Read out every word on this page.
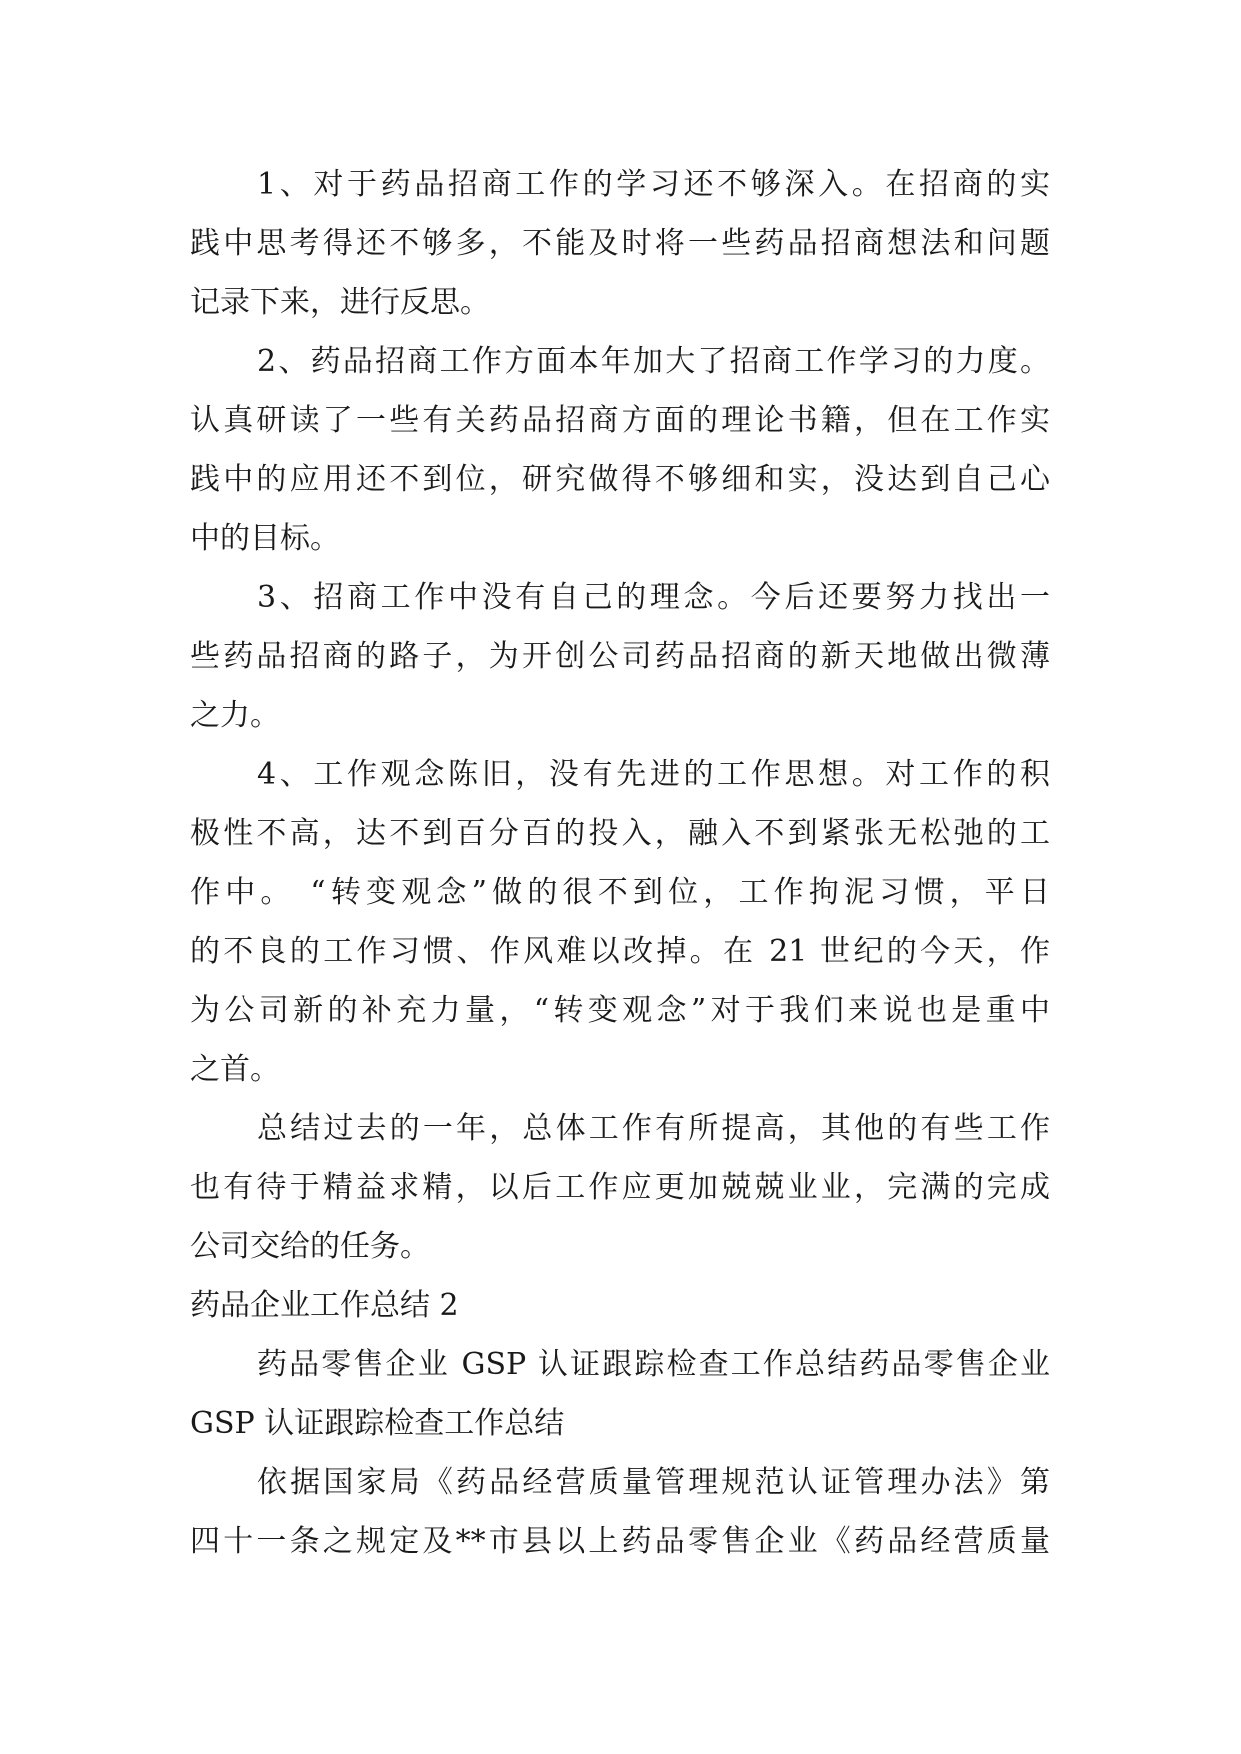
1、对于药品招商工作的学习还不够深入。在招商的实
践中思考得还不够多，不能及时将一些药品招商想法和问题
记录下来，进行反思。
2、药品招商工作方面本年加大了招商工作学习的力度。
认真研读了一些有关药品招商方面的理论书籍，但在工作实
践中的应用还不到位，研究做得不够细和实，没达到自己心
中的目标。
3、招商工作中没有自己的理念。今后还要努力找出一
些药品招商的路子，为开创公司药品招商的新天地做出微薄
之力。
4、工作观念陈旧，没有先进的工作思想。对工作的积
极性不高，达不到百分百的投入，融入不到紧张无松弛的工
作中。 “转变观念”做的很不到位，工作拘泥习惯，平日
的不良的工作习惯、作风难以改掉。在 21 世纪的今天，作
为公司新的补充力量，“转变观念”对于我们来说也是重中
之首。
总结过去的一年，总体工作有所提高，其他的有些工作
也有待于精益求精，以后工作应更加兢兢业业，完满的完成
公司交给的任务。
药品企业工作总结 2
药品零售企业 GSP 认证跟踪检查工作总结药品零售企业
GSP 认证跟踪检查工作总结
依据国家局《药品经营质量管理规范认证管理办法》第
四十一条之规定及**市县以上药品零售企业《药品经营质量
